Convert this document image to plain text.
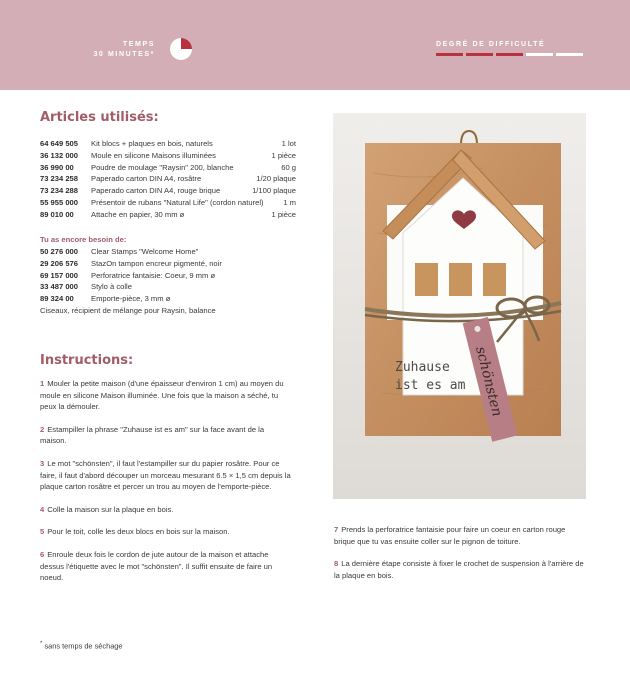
TEMPS
30 MINUTES*
DEGRÉ DE DIFFICULTÉ
Articles utilisés:
64 649 505	Kit blocs + plaques en bois, naturels	1 lot
36 132 000	Moule en silicone Maisons illuminées	1 pièce
36 990 00	Poudre de moulage "Raysin" 200, blanche	60 g
73 234 258	Paperado carton DIN A4, rosâtre	1/20 plaque
73 234 288	Paperado carton DIN A4, rouge brique	1/100 plaque
55 955 000	Présentoir de rubans "Natural Life" (cordon naturel)	1 m
89 010 00	Attache en papier, 30 mm ø	1 pièce
Tu as encore besoin de:
50 276 000	Clear Stamps "Welcome Home"
29 206 576	StazOn tampon encreur pigmenté, noir
69 157 000	Perforatrice fantaisie: Coeur, 9 mm ø
33 487 000	Stylo à colle
89 324 00	Emporte-pièce, 3 mm ø
Ciseaux, récipient de mélange pour Raysin, balance
Instructions:
1 Mouler la petite maison (d'une épaisseur d'environ 1 cm) au moyen du moule en silicone Maison illuminée. Une fois que la maison a séché, tu peux la démouler.
2 Estampiller la phrase "Zuhause ist es am" sur la face avant de la maison.
3 Le mot "schönsten", il faut l'estampiller sur du papier rosâtre. Pour ce faire, il faut d'abord découper un morceau mesurant 6.5 × 1,5 cm depuis la plaque carton rosâtre et percer un trou au moyen de l'emporte-pièce.
4 Colle la maison sur la plaque en bois.
5 Pour le toit, colle les deux blocs en bois sur la maison.
6 Enroule deux fois le cordon de jute autour de la maison et attache dessus l'étiquette avec le mot "schönsten". Il suffit ensuite de faire un noeud.
7 Prends la perforatrice fantaisie pour faire un coeur en carton rouge brique que tu vas ensuite coller sur le pignon de toiture.
8 La dernière étape consiste à fixer le crochet de suspension à l'arrière de la plaque en bois.
Zuhause
ist es am schönsten
* sans temps de séchage
